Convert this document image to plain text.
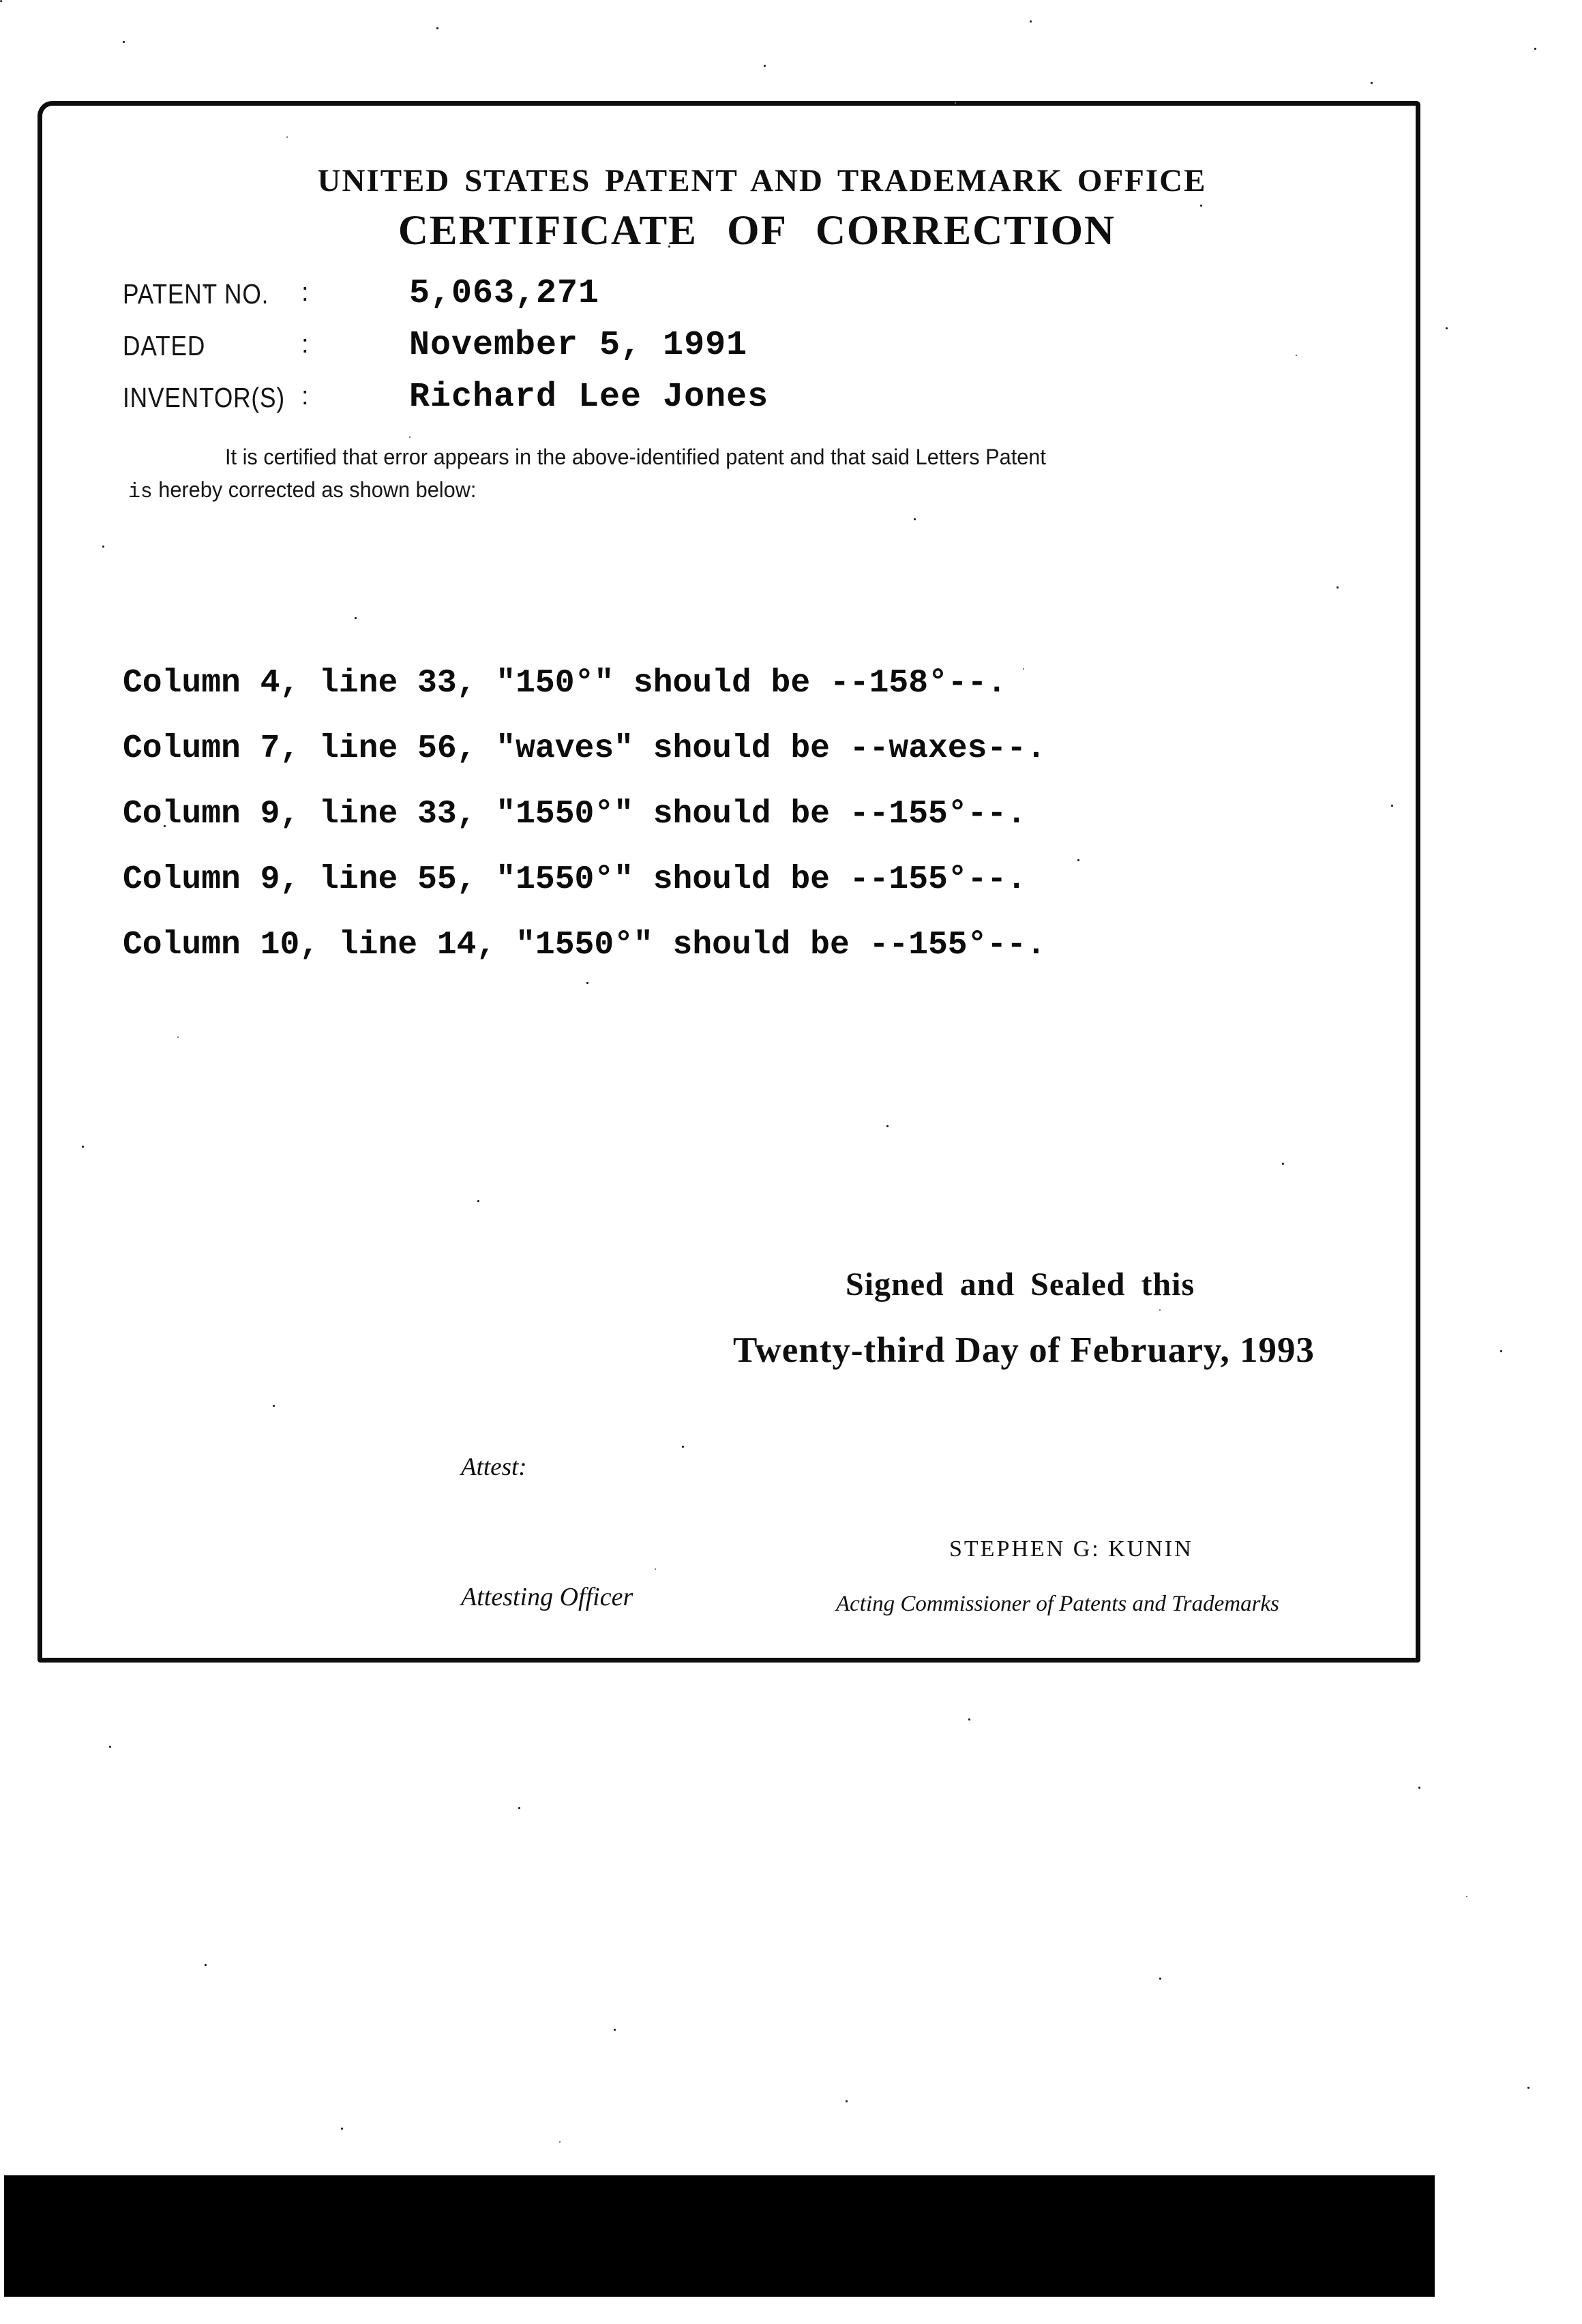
UNITED STATES PATENT AND TRADEMARK OFFICE
CERTIFICATE OF CORRECTION
PATENT NO. :	5,063,271
DATED	:	November 5, 1991
INVENTOR(S) :	Richard Lee Jones
It is certified that error appears in the above-identified patent and that said Letters Patent
is hereby corrected as shown below:
Column 4, line 33, "150°" should be --158°--.
Column 7, line 56, "waves" should be --waxes--.
Column 9, line 33, "1550°" should be --155°--.
Column 9, line 55, "1550°" should be --155°--.
Column 10, line 14, "1550°" should be --155°--.
Signed and Sealed this
Twenty-third Day of February, 1993
Attest:
STEPHEN G: KUNIN
Attesting Officer	Acting Commissioner of Patents and Trademarks
